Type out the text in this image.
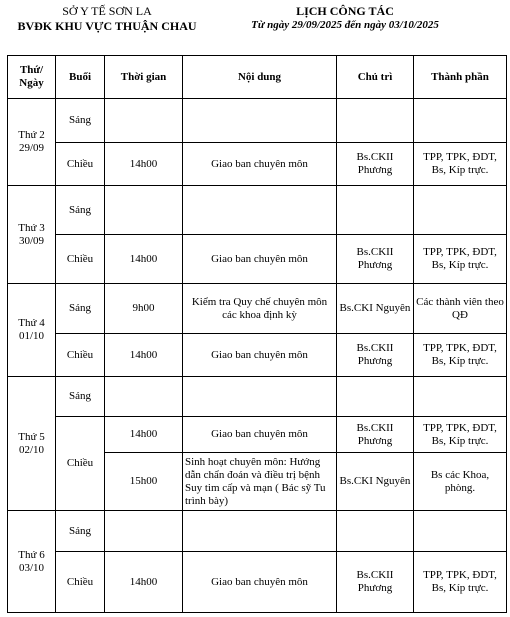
SỞ Y TẾ SƠN LA
BVĐK KHU VỰC THUẬN CHAU
LỊCH CÔNG TÁC
Từ ngày 29/09/2025 đến ngày 03/10/2025
Thứ/ Ngày	Buổi	Thời gian	Nội dung	Chủ trì	Thành phần

Thứ 2
29/09	Sáng				
	Chiều	14h00	Giao ban chuyên môn	Bs.CKII Phương	TPP, TPK, ĐDT, Bs, Kíp trực.

Thứ 3
30/09	Sáng				
	Chiều	14h00	Giao ban chuyên môn	Bs.CKII Phương	TPP, TPK, ĐDT, Bs, Kíp trực.

Thứ 4
01/10	Sáng	9h00	Kiểm tra Quy chế chuyên môn các khoa định kỳ	Bs.CKI Nguyên	Các thành viên theo QĐ
	Chiều	14h00	Giao ban chuyên môn	Bs.CKII Phương	TPP, TPK, ĐDT, Bs, Kíp trực.

Thứ 5
02/10	Sáng				
	Chiều	14h00	Giao ban chuyên môn	Bs.CKII Phương	TPP, TPK, ĐDT, Bs, Kíp trực.
		15h00	Sinh hoạt chuyên môn: Hướng dẫn chẩn đoán và điều trị bệnh Suy tim cấp và mạn ( Bác sỹ Tu trình bày)	Bs.CKI Nguyên	Bs các Khoa, phòng.

Thứ 6
03/10	Sáng				
	Chiều	14h00	Giao ban chuyên môn	Bs.CKII Phương	TPP, TPK, ĐDT, Bs, Kíp trực.
